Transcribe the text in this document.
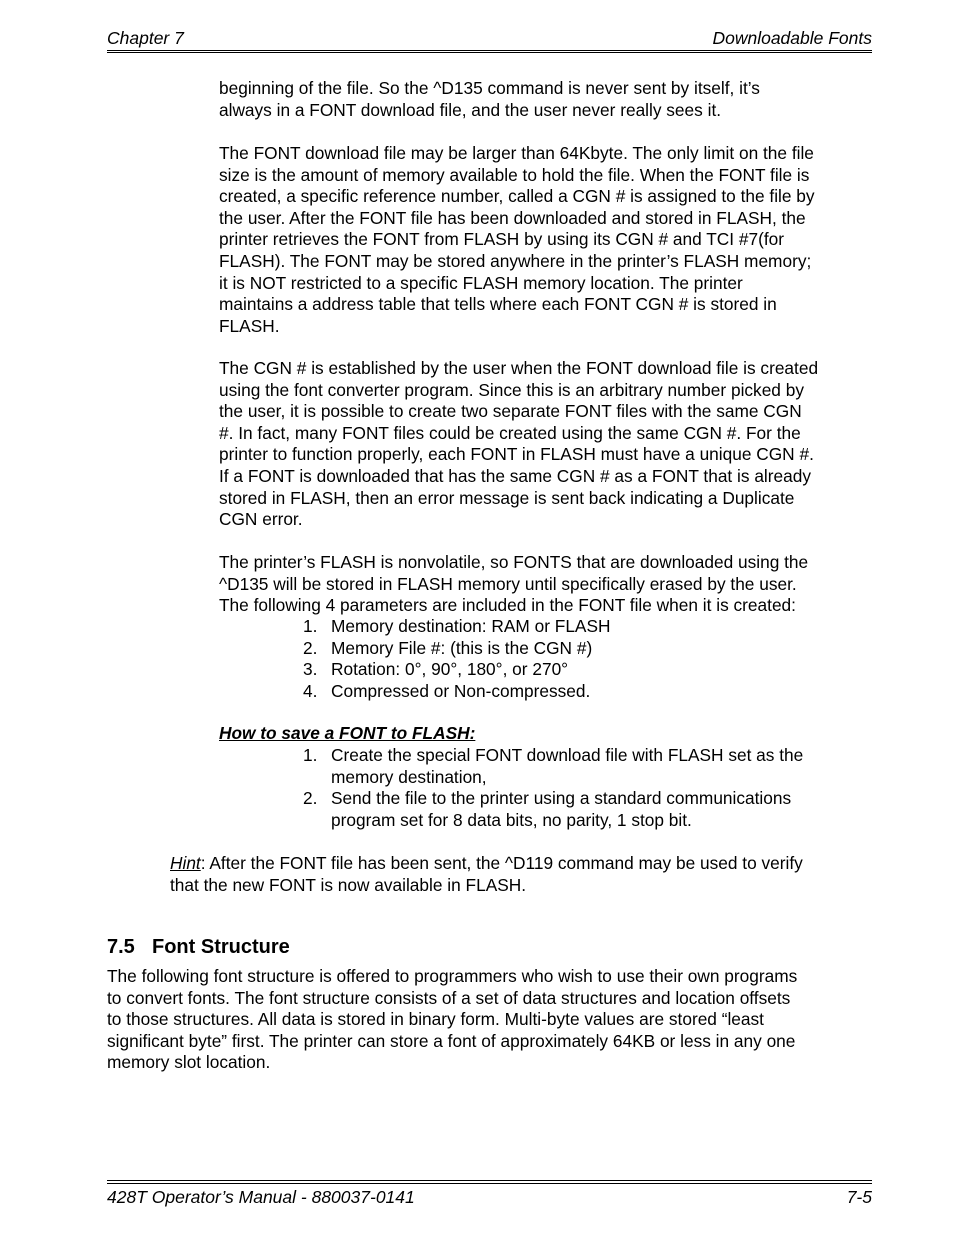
Chapter 7	Downloadable Fonts

beginning of the file. So the ^D135 command is never sent by itself, it’s
always in a FONT download file, and the user never really sees it.

The FONT download file may be larger than 64Kbyte. The only limit on the file
size is the amount of memory available to hold the file. When the FONT file is
created, a specific reference number, called a CGN # is assigned to the file by
the user. After the FONT file has been downloaded and stored in FLASH, the
printer retrieves the FONT from FLASH by using its CGN # and TCI #7(for
FLASH). The FONT may be stored anywhere in the printer’s FLASH memory;
it is NOT restricted to a specific FLASH memory location. The printer
maintains a address table that tells where each FONT CGN # is stored in
FLASH.

The CGN # is established by the user when the FONT download file is created
using the font converter program. Since this is an arbitrary number picked by
the user, it is possible to create two separate FONT files with the same CGN
#. In fact, many FONT files could be created using the same CGN #. For the
printer to function properly, each FONT in FLASH must have a unique CGN #.
If a FONT is downloaded that has the same CGN # as a FONT that is already
stored in FLASH, then an error message is sent back indicating a Duplicate
CGN error.

The printer’s FLASH is nonvolatile, so FONTS that are downloaded using the
^D135 will be stored in FLASH memory until specifically erased by the user.
The following 4 parameters are included in the FONT file when it is created:

1. Memory destination: RAM or FLASH
2. Memory File #: (this is the CGN #)
3. Rotation: 0°, 90°, 180°, or 270°
4. Compressed or Non-compressed.
How to save a FONT to FLASH:
1. Create the special FONT download file with FLASH set as the
memory destination,
2. Send the file to the printer using a standard communications
program set for 8 data bits, no parity, 1 stop bit.

Hint: After the FONT file has been sent, the ^D119 command may be used to verify
that the new FONT is now available in FLASH.

7.5 Font Structure

The following font structure is offered to programmers who wish to use their own programs
to convert fonts. The font structure consists of a set of data structures and location offsets
to those structures. All data is stored in binary form. Multi-byte values are stored “least
significant byte” first. The printer can store a font of approximately 64KB or less in any one
memory slot location.

428T Operator’s Manual - 880037-0141	7-5
